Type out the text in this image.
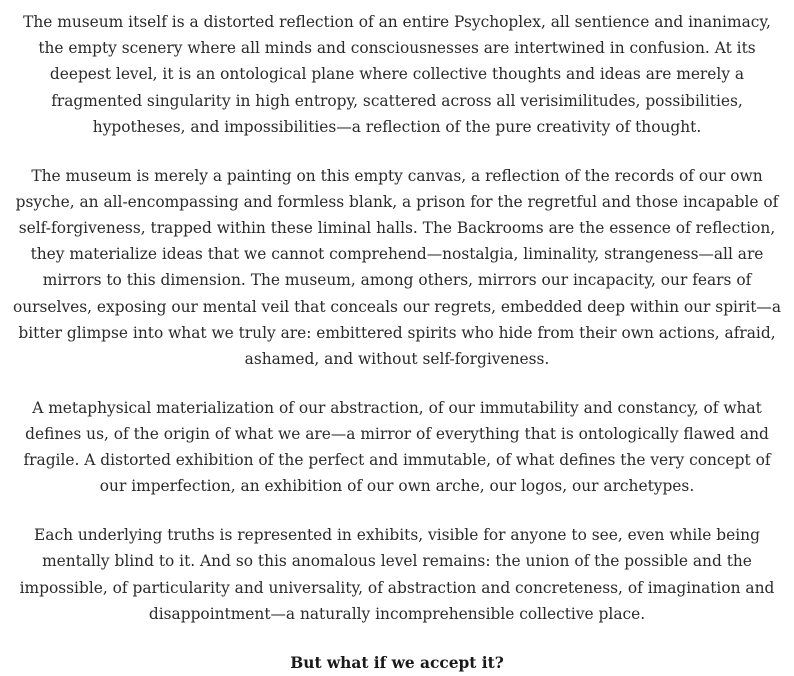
The museum itself is a distorted reflection of an entire Psychoplex, all sentience and inanimacy, the empty scenery where all minds and consciousnesses are intertwined in confusion. At its deepest level, it is an ontological plane where collective thoughts and ideas are merely a fragmented singularity in high entropy, scattered across all verisimilitudes, possibilities, hypotheses, and impossibilities—a reflection of the pure creativity of thought.

The museum is merely a painting on this empty canvas, a reflection of the records of our own psyche, an all-encompassing and formless blank, a prison for the regretful and those incapable of self-forgiveness, trapped within these liminal halls. The Backrooms are the essence of reflection, they materialize ideas that we cannot comprehend—nostalgia, liminality, strangeness—all are mirrors to this dimension. The museum, among others, mirrors our incapacity, our fears of ourselves, exposing our mental veil that conceals our regrets, embedded deep within our spirit—a bitter glimpse into what we truly are: embittered spirits who hide from their own actions, afraid, ashamed, and without self-forgiveness.

A metaphysical materialization of our abstraction, of our immutability and constancy, of what defines us, of the origin of what we are—a mirror of everything that is ontologically flawed and fragile. A distorted exhibition of the perfect and immutable, of what defines the very concept of our imperfection, an exhibition of our own arche, our logos, our archetypes.

Each underlying truths is represented in exhibits, visible for anyone to see, even while being mentally blind to it. And so this anomalous level remains: the union of the possible and the impossible, of particularity and universality, of abstraction and concreteness, of imagination and disappointment—a naturally incomprehensible collective place.

But what if we accept it?
